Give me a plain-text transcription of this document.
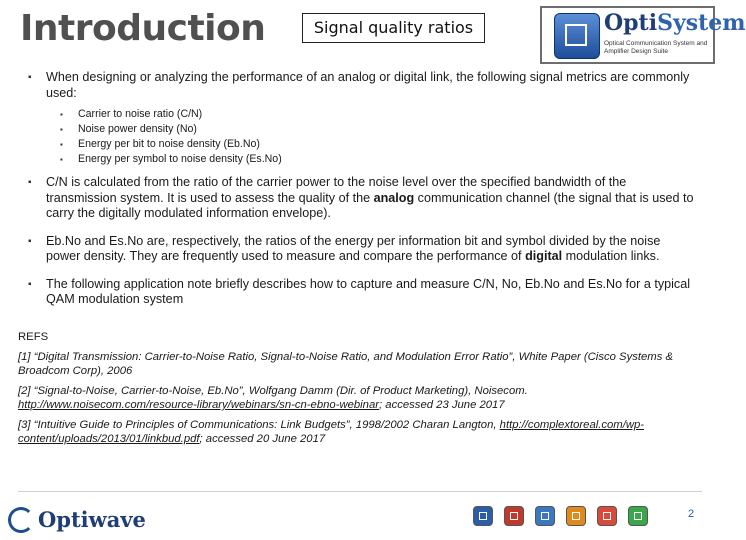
Introduction	Signal quality ratios	OptiSystem
Optical Communication System and Amplifier Design Suite
▪ When designing or analyzing the performance of an analog or digital link, the following signal metrics are commonly used:
▪ Carrier to noise ratio (C/N)
▪ Noise power density (No)
▪ Energy per bit to noise density (Eb.No)
▪ Energy per symbol to noise density (Es.No)
▪ C/N is calculated from the ratio of the carrier power to the noise level over the specified bandwidth of the transmission system. It is used to assess the quality of the analog communication channel (the signal that is used to carry the digitally modulated information envelope).
▪ Eb.No and Es.No are, respectively, the ratios of the energy per information bit and symbol divided by the noise power density. They are frequently used to measure and compare the performance of digital modulation links.
▪ The following application note briefly describes how to capture and measure C/N, No, Eb.No and Es.No for a typical QAM modulation system
REFS
[1] “Digital Transmission: Carrier-to-Noise Ratio, Signal-to-Noise Ratio, and Modulation Error Ratio”, White Paper (Cisco Systems & Broadcom Corp), 2006
[2] “Signal-to-Noise, Carrier-to-Noise, Eb.No”, Wolfgang Damm (Dir. of Product Marketing), Noisecom.
http://www.noisecom.com/resource-library/webinars/sn-cn-ebno-webinar; accessed 23 June 2017
[3] “Intuitive Guide to Principles of Communications: Link Budgets”, 1998/2002 Charan Langton, http://complextoreal.com/wp-content/uploads/2013/01/linkbud.pdf; accessed 20 June 2017
Optiwave	2
